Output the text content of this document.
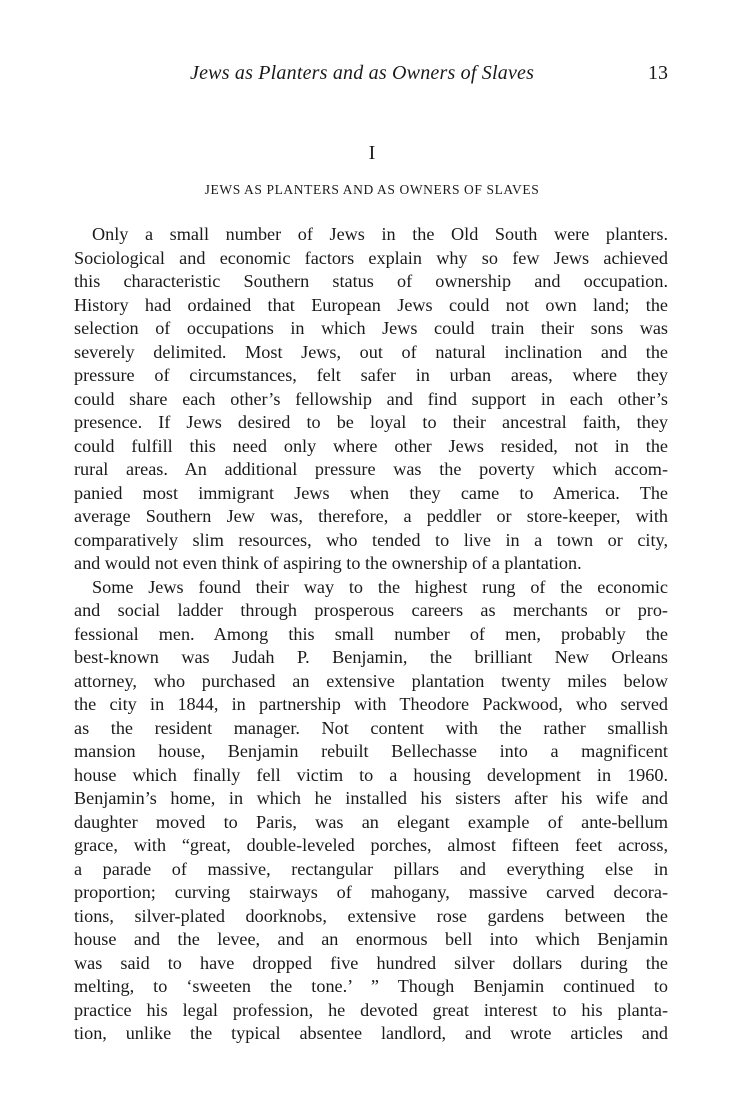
Jews as Planters and as Owners of Slaves	13
I
JEWS AS PLANTERS AND AS OWNERS OF SLAVES
Only a small number of Jews in the Old South were planters.
Sociological and economic factors explain why so few Jews achieved
this characteristic Southern status of ownership and occupation.
History had ordained that European Jews could not own land; the
selection of occupations in which Jews could train their sons was
severely delimited. Most Jews, out of natural inclination and the
pressure of circumstances, felt safer in urban areas, where they
could share each other’s fellowship and find support in each other’s
presence. If Jews desired to be loyal to their ancestral faith, they
could fulfill this need only where other Jews resided, not in the
rural areas. An additional pressure was the poverty which accom-
panied most immigrant Jews when they came to America. The
average Southern Jew was, therefore, a peddler or store-keeper, with
comparatively slim resources, who tended to live in a town or city,
and would not even think of aspiring to the ownership of a plantation.
Some Jews found their way to the highest rung of the economic
and social ladder through prosperous careers as merchants or pro-
fessional men. Among this small number of men, probably the
best-known was Judah P. Benjamin, the brilliant New Orleans
attorney, who purchased an extensive plantation twenty miles below
the city in 1844, in partnership with Theodore Packwood, who served
as the resident manager. Not content with the rather smallish
mansion house, Benjamin rebuilt Bellechasse into a magnificent
house which finally fell victim to a housing development in 1960.
Benjamin’s home, in which he installed his sisters after his wife and
daughter moved to Paris, was an elegant example of ante-bellum
grace, with “great, double-leveled porches, almost fifteen feet across,
a parade of massive, rectangular pillars and everything else in
proportion; curving stairways of mahogany, massive carved decora-
tions, silver-plated doorknobs, extensive rose gardens between the
house and the levee, and an enormous bell into which Benjamin
was said to have dropped five hundred silver dollars during the
melting, to ‘sweeten the tone.’ ” Though Benjamin continued to
practice his legal profession, he devoted great interest to his planta-
tion, unlike the typical absentee landlord, and wrote articles and
